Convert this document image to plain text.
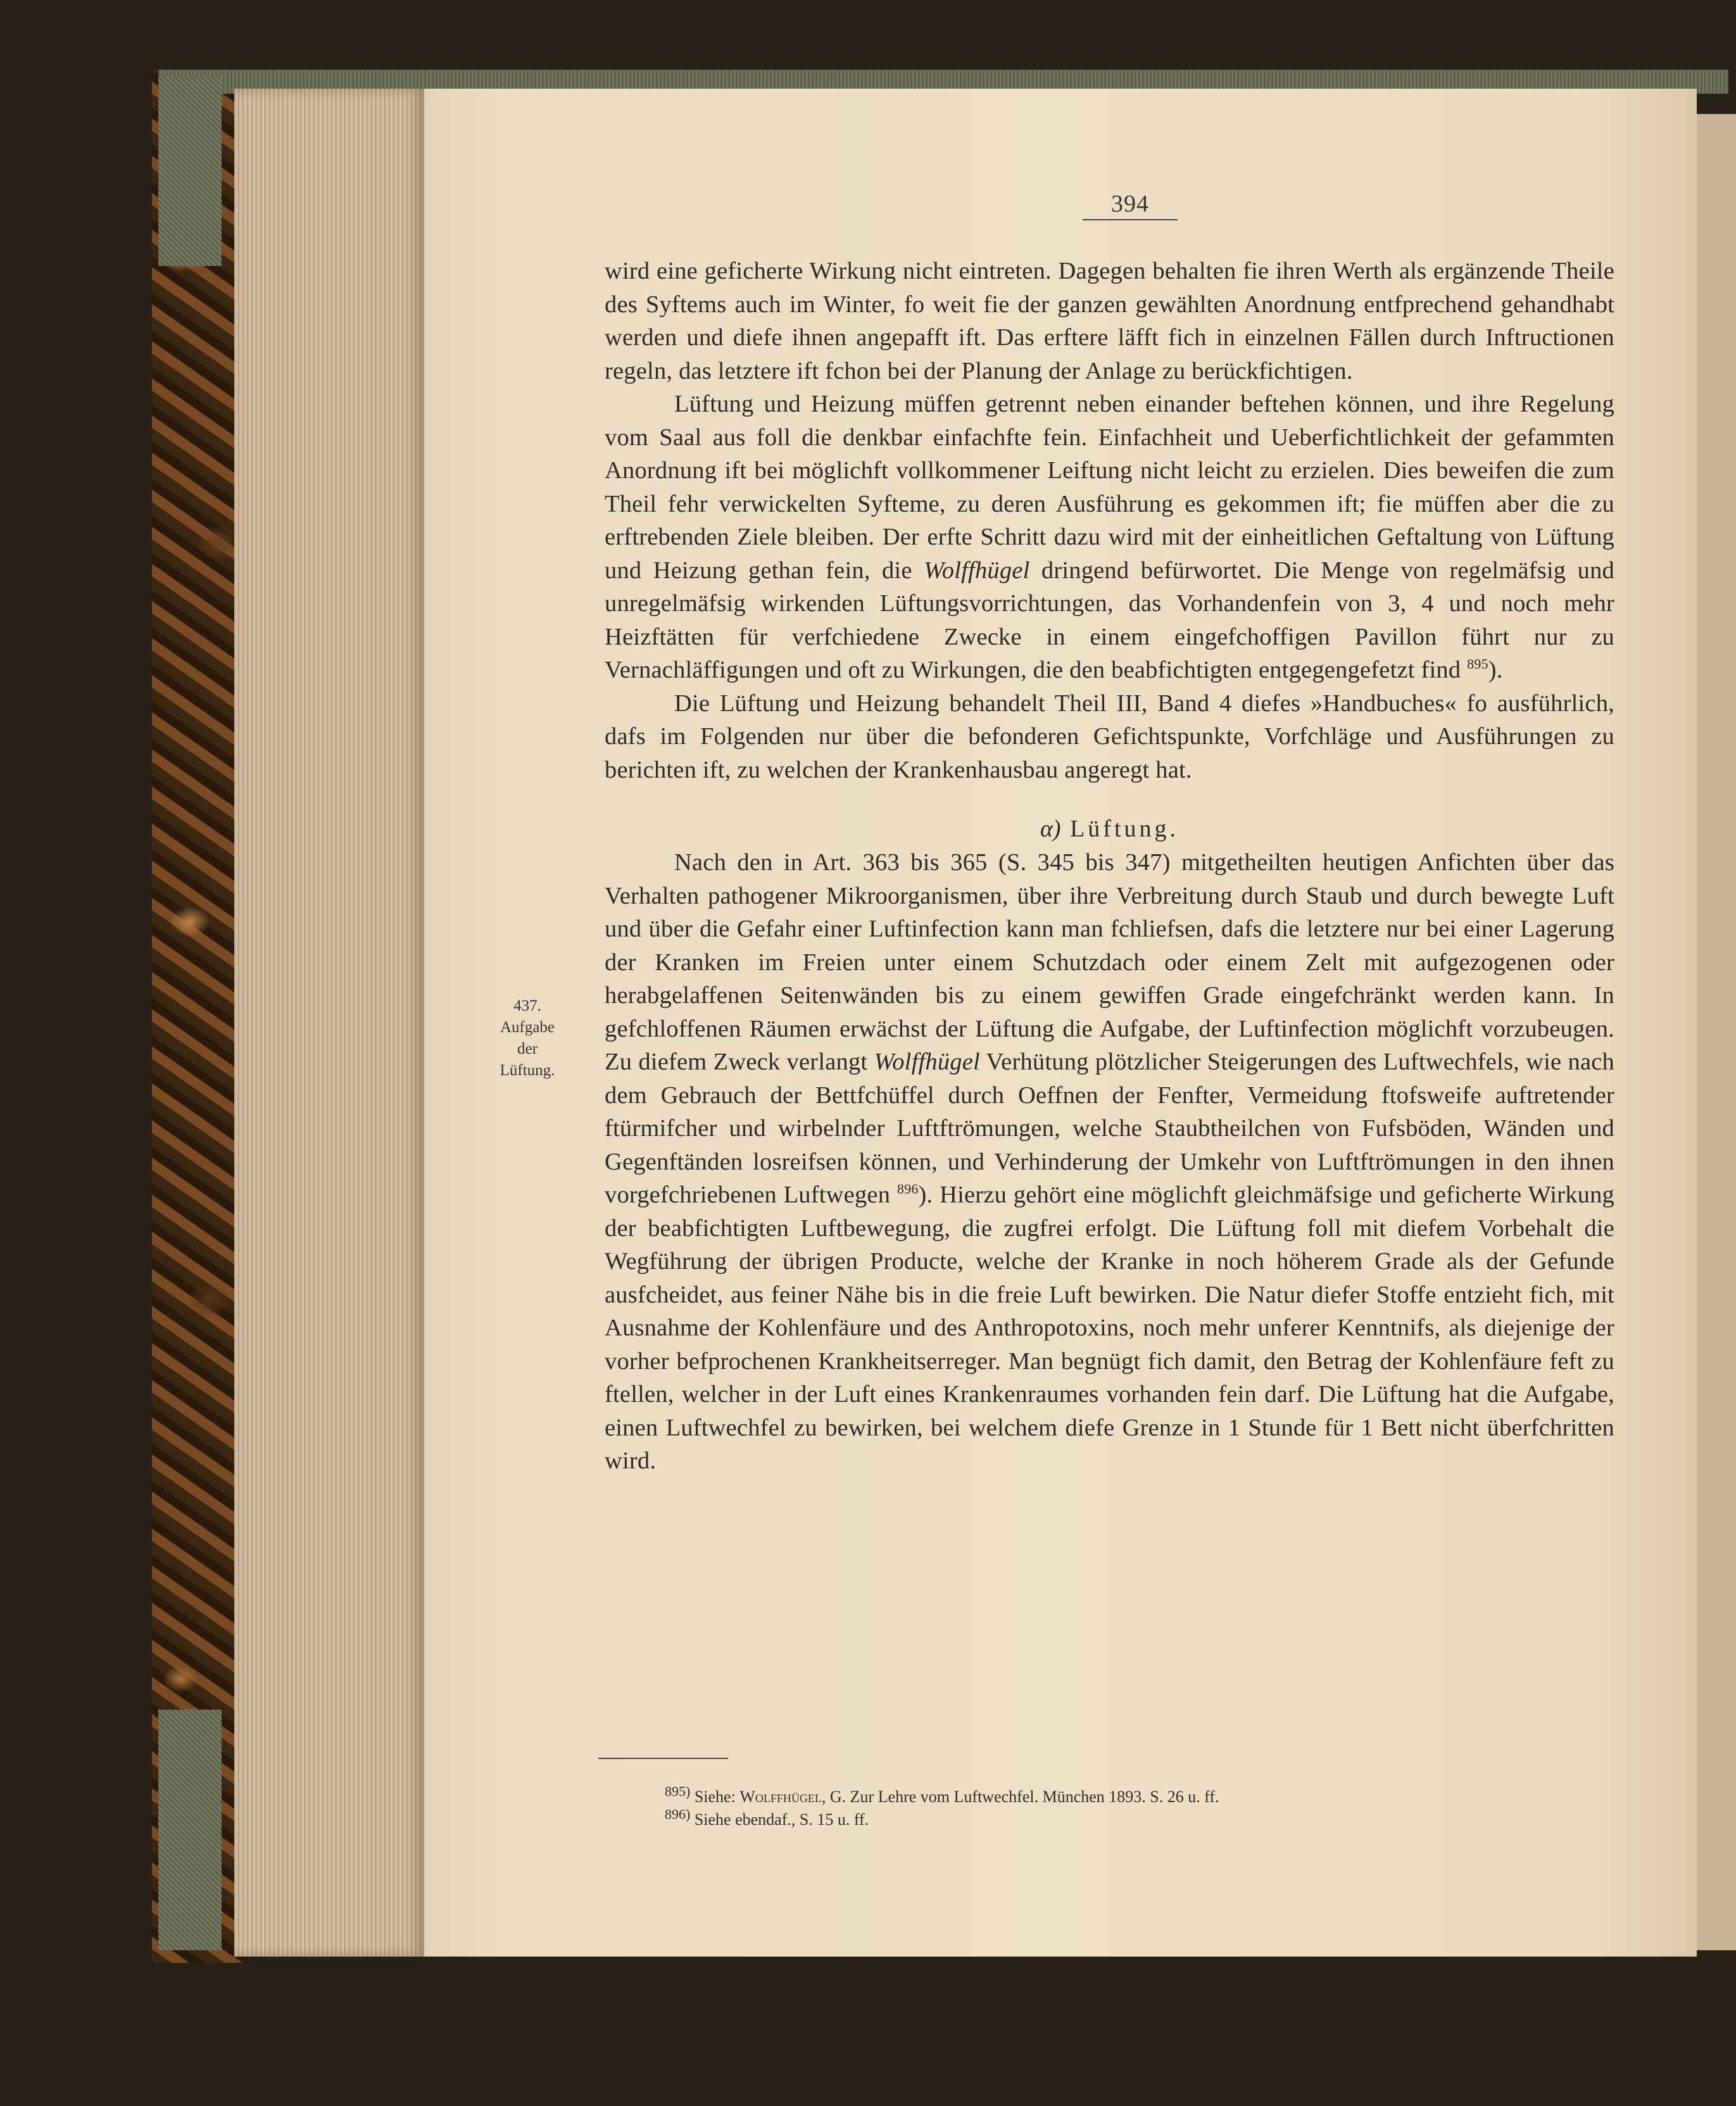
394
437.
Aufgabe
der
Lüftung.

wird eine geficherte Wirkung nicht eintreten. Dagegen behalten fie ihren Werth als ergänzende Theile des Syftems auch im Winter, fo weit fie der ganzen gewählten Anordnung entfprechend gehandhabt werden und diefe ihnen angepafft ift. Das erftere läfft fich in einzelnen Fällen durch Inftructionen regeln, das letztere ift fchon bei der Planung der Anlage zu berückfichtigen.

Lüftung und Heizung müffen getrennt neben einander beftehen können, und ihre Regelung vom Saal aus foll die denkbar einfachfte fein. Einfachheit und Ueberfichtlichkeit der gefammten Anordnung ift bei möglichft vollkommener Leiftung nicht leicht zu erzielen. Dies beweifen die zum Theil fehr verwickelten Syfteme, zu deren Ausführung es gekommen ift; fie müffen aber die zu erftrebenden Ziele bleiben. Der erfte Schritt dazu wird mit der einheitlichen Geftaltung von Lüftung und Heizung gethan fein, die Wolffhügel dringend befürwortet. Die Menge von regelmäfsig und unregelmäfsig wirkenden Lüftungsvorrichtungen, das Vorhandenfein von 3, 4 und noch mehr Heizftätten für verfchiedene Zwecke in einem eingefchoffigen Pavillon führt nur zu Vernachläffigungen und oft zu Wirkungen, die den beabfichtigten entgegengefetzt find $^{895}$).

Die Lüftung und Heizung behandelt Theil III, Band 4 diefes »Handbuches« fo ausführlich, dafs im Folgenden nur über die befonderen Gefichtspunkte, Vorfchläge und Ausführungen zu berichten ift, zu welchen der Krankenhausbau angeregt hat.

α) Lüftung.

Nach den in Art. 363 bis 365 (S. 345 bis 347) mitgetheilten heutigen Anfichten über das Verhalten pathogener Mikroorganismen, über ihre Verbreitung durch Staub und durch bewegte Luft und über die Gefahr einer Luftinfection kann man fchliefsen, dafs die letztere nur bei einer Lagerung der Kranken im Freien unter einem Schutzdach oder einem Zelt mit aufgezogenen oder herabgelaffenen Seitenwänden bis zu einem gewiffen Grade eingefchränkt werden kann. In gefchloffenen Räumen erwächst der Lüftung die Aufgabe, der Luftinfection möglichft vorzubeugen. Zu diefem Zweck verlangt Wolffhügel Verhütung plötzlicher Steigerungen des Luftwechfels, wie nach dem Gebrauch der Bettfchüffel durch Oeffnen der Fenfter, Vermeidung ftofsweife auftretender ftürmifcher und wirbelnder Luftftrömungen, welche Staubtheilchen von Fufsböden, Wänden und Gegenftänden losreifsen können, und Verhinderung der Umkehr von Luftftrömungen in den ihnen vorgefchriebenen Luftwegen $^{896}$). Hierzu gehört eine möglichft gleichmäfsige und geficherte Wirkung der beabfichtigten Luftbewegung, die zugfrei erfolgt. Die Lüftung foll mit diefem Vorbehalt die Wegführung der übrigen Producte, welche der Kranke in noch höherem Grade als der Gefunde ausfcheidet, aus feiner Nähe bis in die freie Luft bewirken. Die Natur diefer Stoffe entzieht fich, mit Ausnahme der Kohlenfäure und des Anthropotoxins, noch mehr unferer Kenntnifs, als diejenige der vorher befprochenen Krankheitserreger. Man begnügt fich damit, den Betrag der Kohlenfäure feft zu ftellen, welcher in der Luft eines Krankenraumes vorhanden fein darf. Die Lüftung hat die Aufgabe, einen Luftwechfel zu bewirken, bei welchem diefe Grenze in 1 Stunde für 1 Bett nicht überfchritten wird.

$^{895)}$ Siehe: Wolffhügel, G. Zur Lehre vom Luftwechfel. München 1893. S. 26 u. ff.
$^{896)}$ Siehe ebendaf., S. 15 u. ff.
